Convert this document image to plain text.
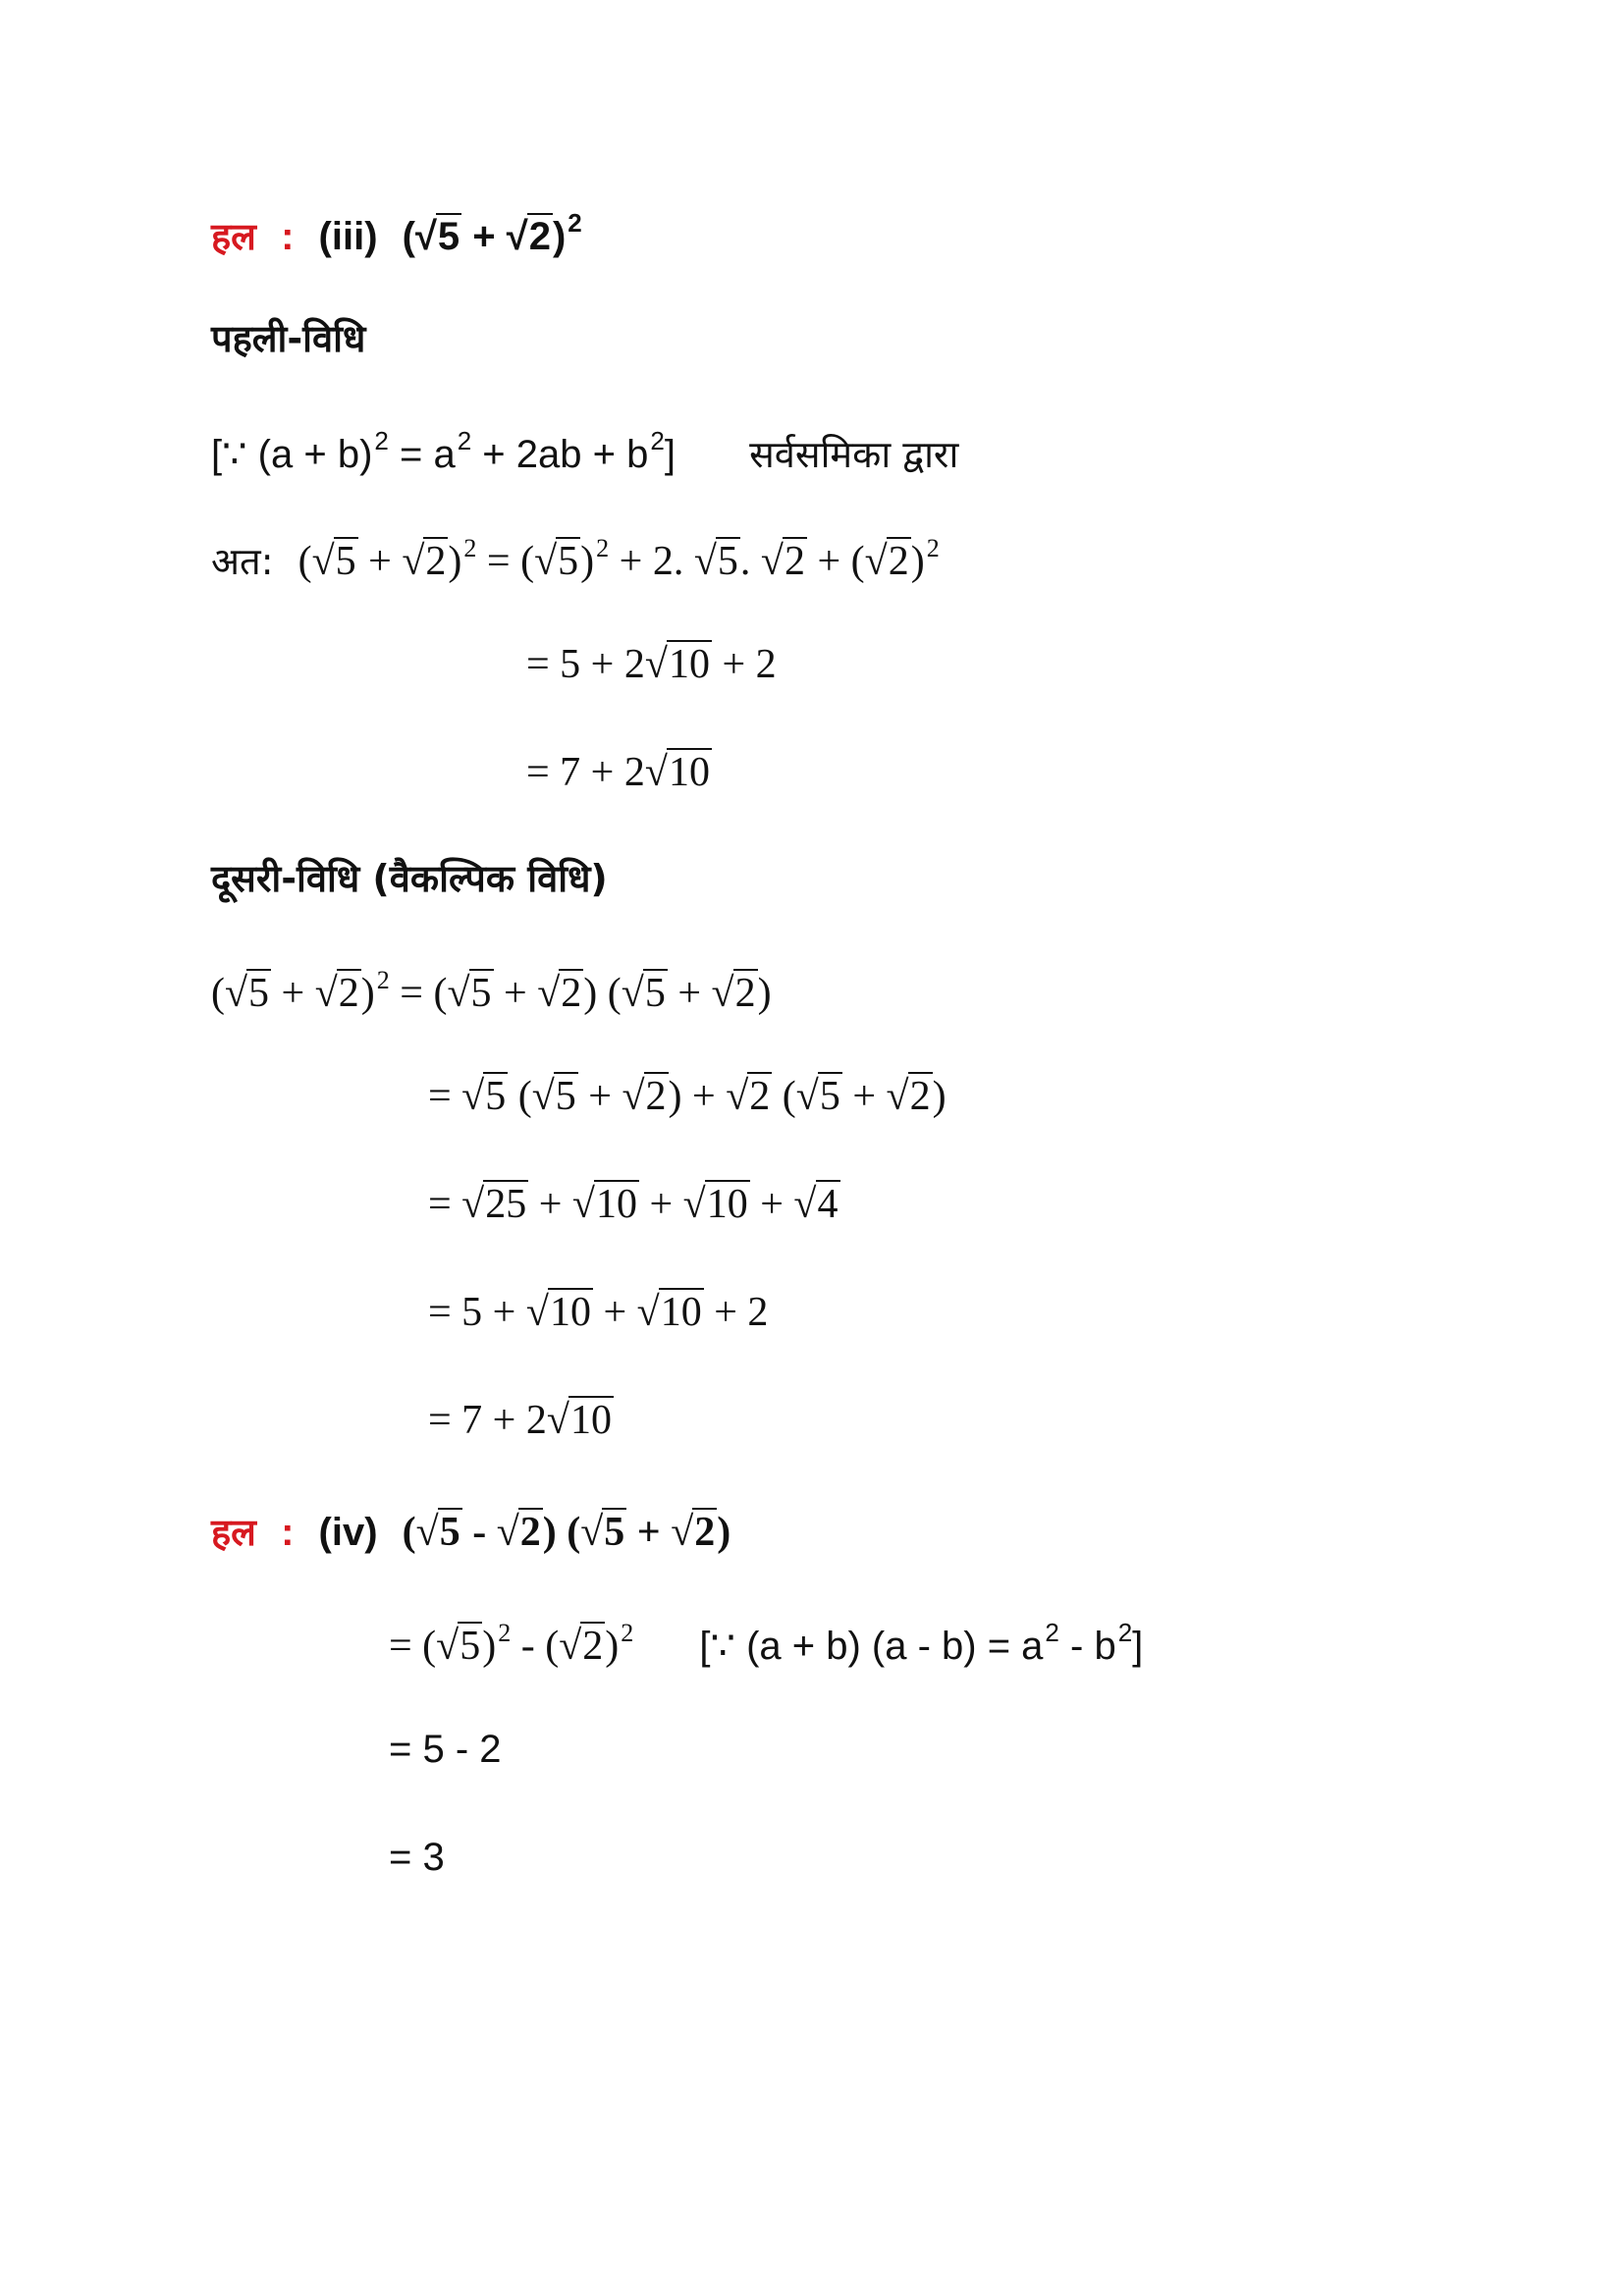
हल : (iii) $(√5 + √2)^2$
पहली-विधि
[∵ $(a + b)^2 = a^2 + 2ab + b^2$] सर्वसमिका द्वारा
अत: $(√5 + √2)^2 = (√5)^2 + 2$. √5. $√2 + (√2)^2$
= 5 + 2√10 + 2
= 7 + 2√10
दूसरी-विधि (वैकल्पिक विधि)
$(√5 + √2)^2 = (√5 + √2)$ (√5 + √2)
= √5 (√5 + √2) + √2 (√5 + √2)
= √25 + √10 + √10 + √4
= 5 + √10 + √10 + 2
= 7 + 2√10
हल : (iv) (√5 - √2) (√5 + √2)
= $(√5)^2 - (√2)^2$ [∵ (a + b) $(a - b) = a^2 - b^2$]
= 5 - 2
= 3
